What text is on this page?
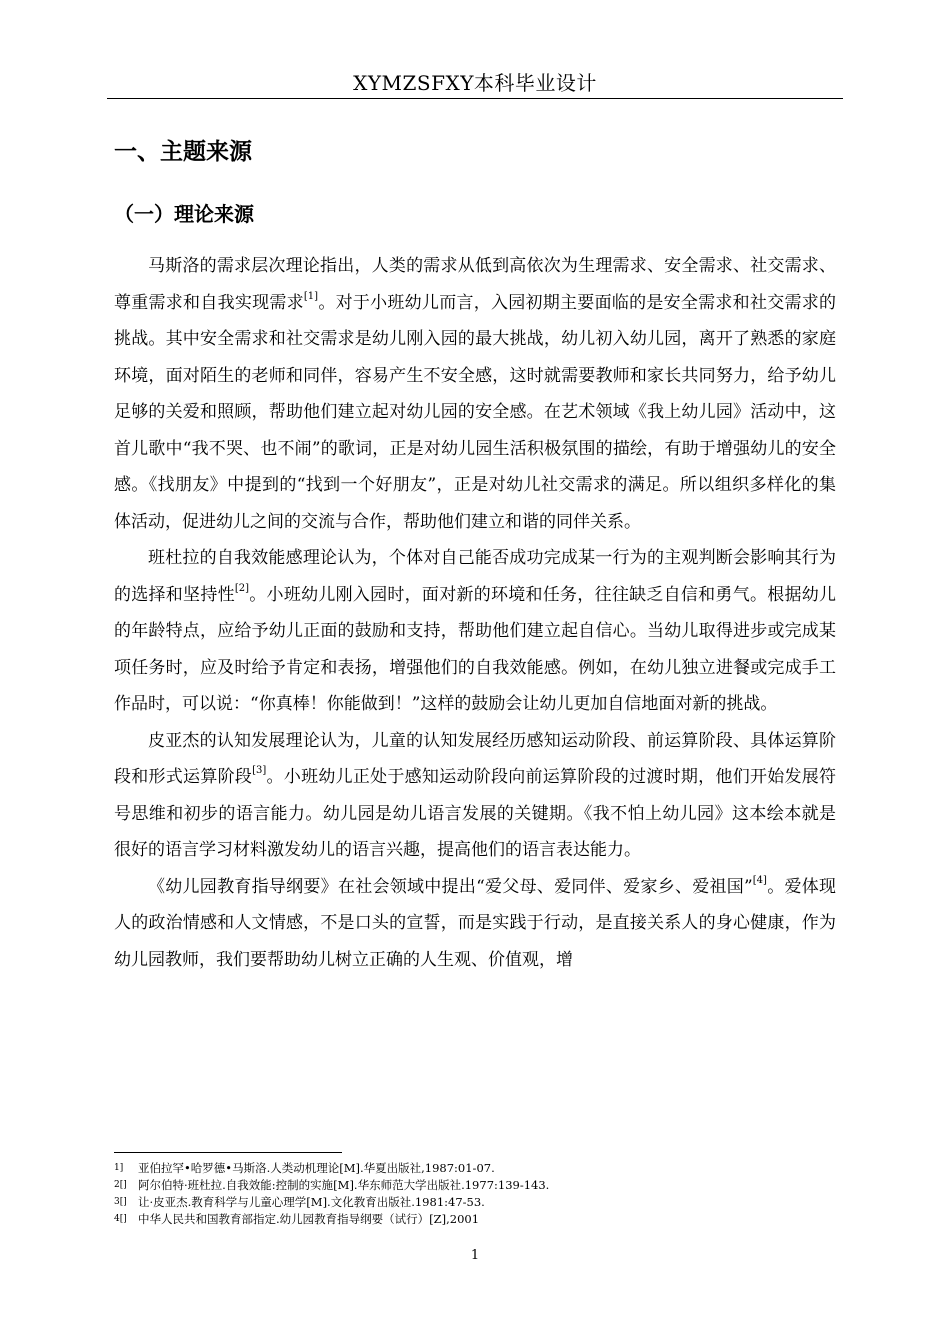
XYMZSFXY本科毕业设计
一、主题来源
（一）理论来源

马斯洛的需求层次理论指出，人类的需求从低到高依次为生理需求、安全需求、社交需求、尊重需求和自我实现需求[1]。对于小班幼儿而言，入园初期主要面临的是安全需求和社交需求的挑战。其中安全需求和社交需求是幼儿刚入园的最大挑战，幼儿初入幼儿园，离开了熟悉的家庭环境，面对陌生的老师和同伴，容易产生不安全感，这时就需要教师和家长共同努力，给予幼儿足够的关爱和照顾，帮助他们建立起对幼儿园的安全感。在艺术领域《我上幼儿园》活动中，这首儿歌中“我不哭、也不闹”的歌词，正是对幼儿园生活积极氛围的描绘，有助于增强幼儿的安全感。《找朋友》中提到的“找到一个好朋友”，正是对幼儿社交需求的满足。所以组织多样化的集体活动，促进幼儿之间的交流与合作，帮助他们建立和谐的同伴关系。

班杜拉的自我效能感理论认为，个体对自己能否成功完成某一行为的主观判断会影响其行为的选择和坚持性[2]。小班幼儿刚入园时，面对新的环境和任务，往往缺乏自信和勇气。根据幼儿的年龄特点，应给予幼儿正面的鼓励和支持，帮助他们建立起自信心。当幼儿取得进步或完成某项任务时，应及时给予肯定和表扬，增强他们的自我效能感。例如，在幼儿独立进餐或完成手工作品时，可以说：“你真棒！你能做到！”这样的鼓励会让幼儿更加自信地面对新的挑战。

皮亚杰的认知发展理论认为，儿童的认知发展经历感知运动阶段、前运算阶段、具体运算阶段和形式运算阶段[3]。小班幼儿正处于感知运动阶段向前运算阶段的过渡时期，他们开始发展符号思维和初步的语言能力。幼儿园是幼儿语言发展的关键期。《我不怕上幼儿园》这本绘本就是很好的语言学习材料激发幼儿的语言兴趣，提高他们的语言表达能力。

《幼儿园教育指导纲要》在社会领域中提出“爱父母、爱同伴、爱家乡、爱祖国”[4]。爱体现人的政治情感和人文情感，不是口头的宣誓，而是实践于行动，是直接关系人的身心健康，作为幼儿园教师，我们要帮助幼儿树立正确的人生观、价值观，增

1] 亚伯拉罕•哈罗德•马斯洛.人类动机理论[M].华夏出版社,1987:01-07.
2[] 阿尔伯特·班杜拉.自我效能:控制的实施[M].华东师范大学出版社.1977:139-143.
3[] 让·皮亚杰.教育科学与儿童心理学[M].文化教育出版社.1981:47-53.
4[] 中华人民共和国教育部指定.幼儿园教育指导纲要（试行）[Z],2001
1
